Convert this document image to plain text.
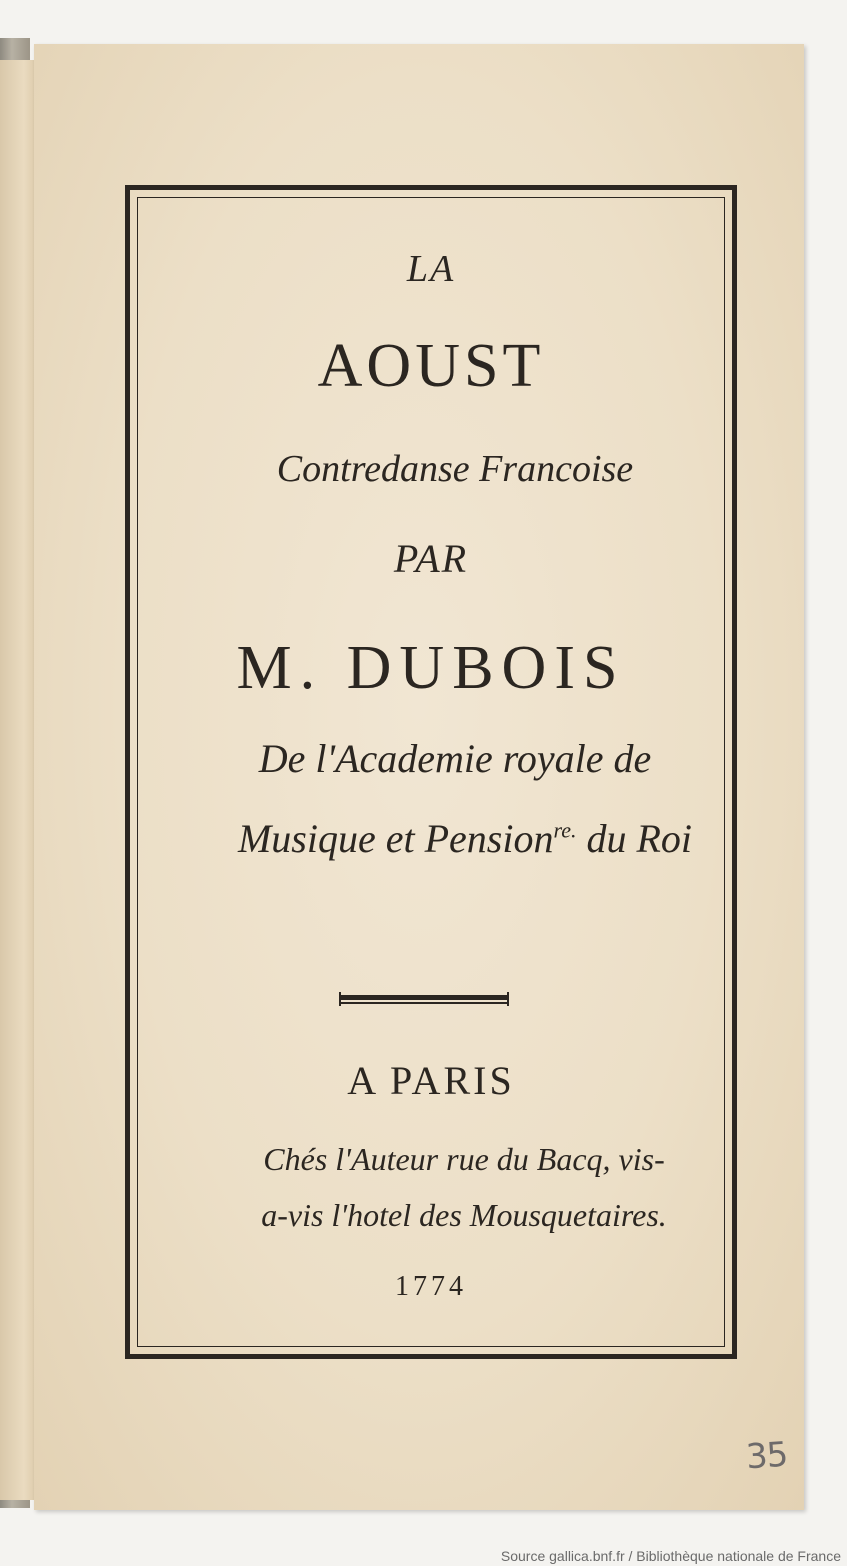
LA
AOUST
Contredanse Francoise
PAR
M. DUBOIS
De l'Academie royale de
Musique et Pension$^{re.}$ du Roi
A PARIS
Chés l'Auteur rue du Bacq, vis-
a-vis l'hotel des Mousquetaires.
1774
35
Source gallica.bnf.fr / Bibliothèque nationale de France
